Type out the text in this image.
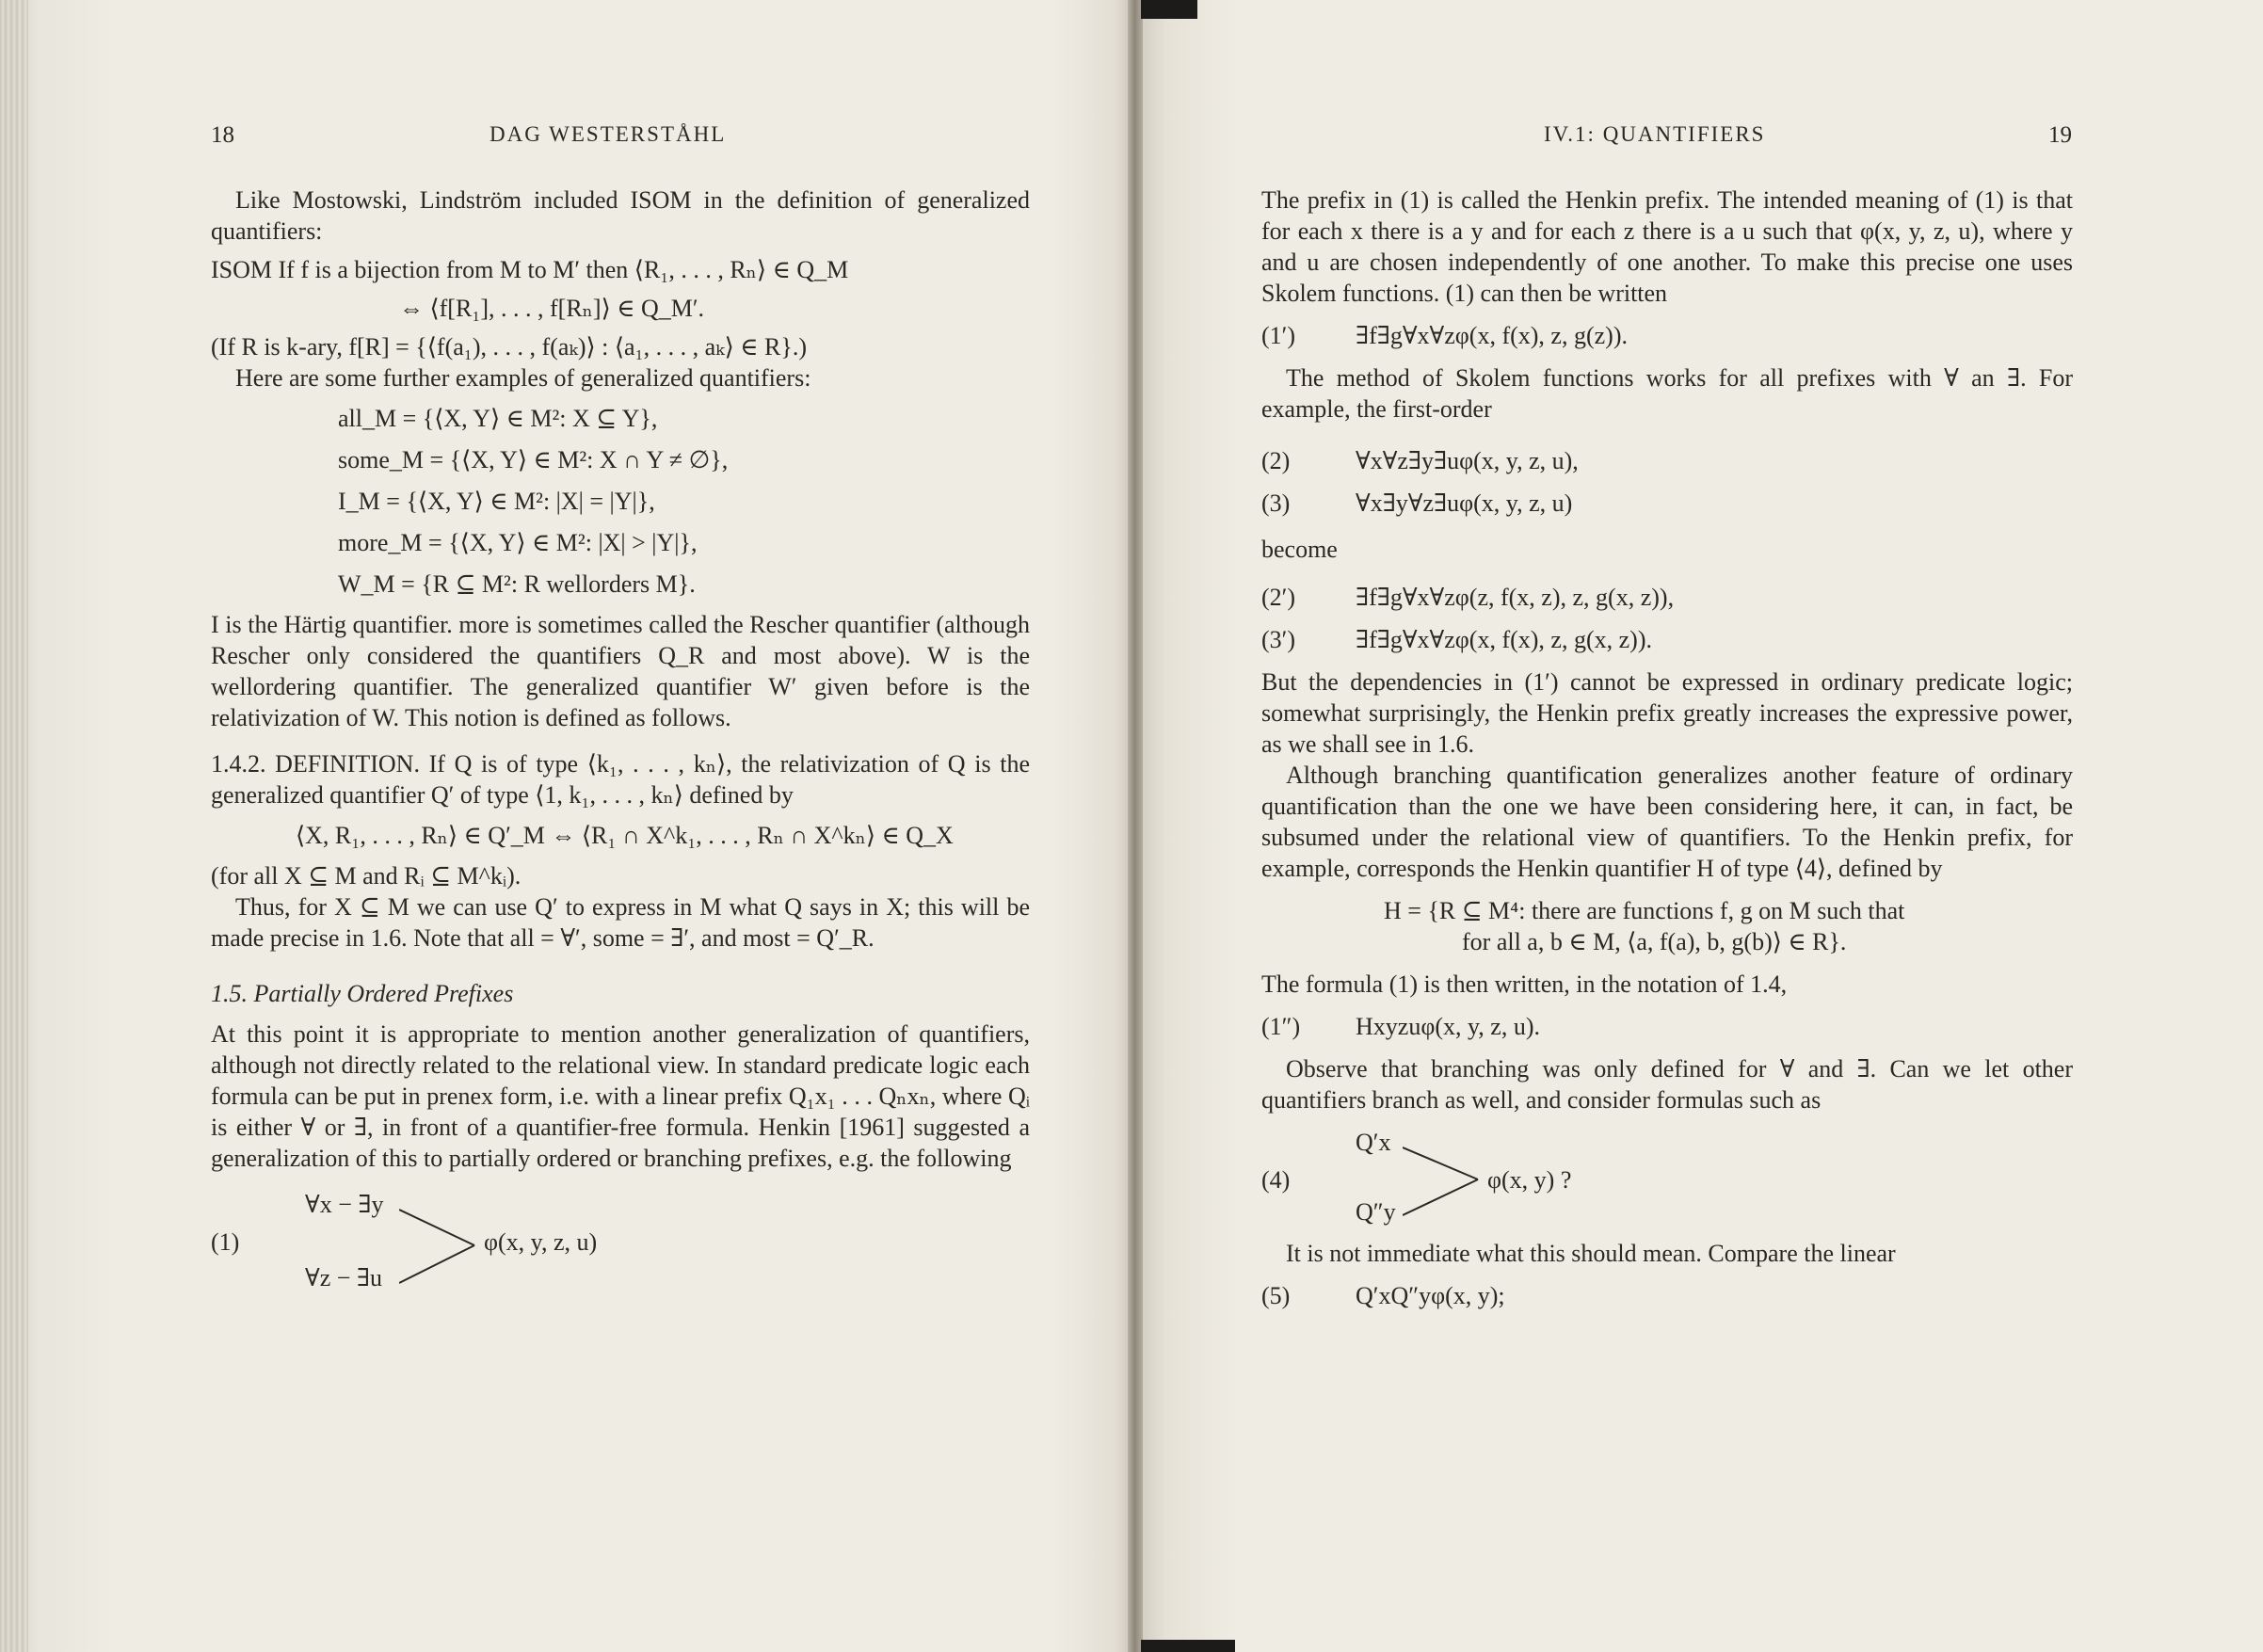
18	DAG WESTERSTÅHL	IV.1: QUANTIFIERS	19

Like Mostowski, Lindström included ISOM in the definition of generalized quantifiers:

ISOM If f is a bijection from M to M′ then ⟨R₁, . . . , Rₙ⟩ ∈ Q_M
⇔ ⟨f[R₁], . . . , f[Rₙ]⟩ ∈ Q_M′.
(If R is k-ary, f[R] = {⟨f(a₁), . . . , f(aₖ)⟩ : ⟨a₁, . . . , aₖ⟩ ∈ R}.)

Here are some further examples of generalized quantifiers:

all_M = {⟨X, Y⟩ ∈ M²: X ⊆ Y},
some_M = {⟨X, Y⟩ ∈ M²: X ∩ Y ≠ ∅},
I_M = {⟨X, Y⟩ ∈ M²: |X| = |Y|},
more_M = {⟨X, Y⟩ ∈ M²: |X| > |Y|},
W_M = {R ⊆ M²: R wellorders M}.

I is the Härtig quantifier. more is sometimes called the Rescher quantifier (although Rescher only considered the quantifiers Q_R and most above). W is the wellordering quantifier. The generalized quantifier W′ given before is the relativization of W. This notion is defined as follows.

1.4.2. DEFINITION. If Q is of type ⟨k₁, . . . , kₙ⟩, the relativization of Q is the generalized quantifier Q′ of type ⟨1, k₁, . . . , kₙ⟩ defined by

⟨X, R₁, . . . , Rₙ⟩ ∈ Q′_M ⇔ ⟨R₁ ∩ X^k₁, . . . , Rₙ ∩ X^kₙ⟩ ∈ Q_X
(for all X ⊆ M and Rᵢ ⊆ M^kᵢ).

Thus, for X ⊆ M we can use Q′ to express in M what Q says in X; this will be made precise in 1.6. Note that all = ∀′, some = ∃′, and most = Q′_R.

1.5. Partially Ordered Prefixes

At this point it is appropriate to mention another generalization of quantifiers, although not directly related to the relational view. In standard predicate logic each formula can be put in prenex form, i.e. with a linear prefix Q₁x₁ . . . Qₙxₙ, where Qᵢ is either ∀ or ∃, in front of a quantifier-free formula. Henkin [1961] suggested a generalization of this to partially ordered or branching prefixes, e.g. the following

(1)
∀x − ∃y
∀z − ∃u
φ(x, y, z, u)

The prefix in (1) is called the Henkin prefix. The intended meaning of (1) is that for each x there is a y and for each z there is a u such that φ(x, y, z, u), where y and u are chosen independently of one another. To make this precise one uses Skolem functions. (1) can then be written

(1′)	∃f∃g∀x∀zφ(x, f(x), z, g(z)).

The method of Skolem functions works for all prefixes with ∀ an ∃. For example, the first-order

(2)	∀x∀z∃y∃uφ(x, y, z, u),
(3)	∀x∃y∀z∃uφ(x, y, z, u)
become
(2′)	∃f∃g∀x∀zφ(z, f(x, z), z, g(x, z)),
(3′)	∃f∃g∀x∀zφ(x, f(x), z, g(x, z)).

But the dependencies in (1′) cannot be expressed in ordinary predicate logic; somewhat surprisingly, the Henkin prefix greatly increases the expressive power, as we shall see in 1.6.

Although branching quantification generalizes another feature of ordinary quantification than the one we have been considering here, it can, in fact, be subsumed under the relational view of quantifiers. To the Henkin prefix, for example, corresponds the Henkin quantifier H of type ⟨4⟩, defined by

H = {R ⊆ M⁴: there are functions f, g on M such that
for all a, b ∈ M, ⟨a, f(a), b, g(b)⟩ ∈ R}.

The formula (1) is then written, in the notation of 1.4,

(1″)	Hxyzuφ(x, y, z, u).

Observe that branching was only defined for ∀ and ∃. Can we let other quantifiers branch as well, and consider formulas such as

(4)
Q′x
Q″y
φ(x, y) ?

It is not immediate what this should mean. Compare the linear

(5)	Q′xQ″yφ(x, y);
